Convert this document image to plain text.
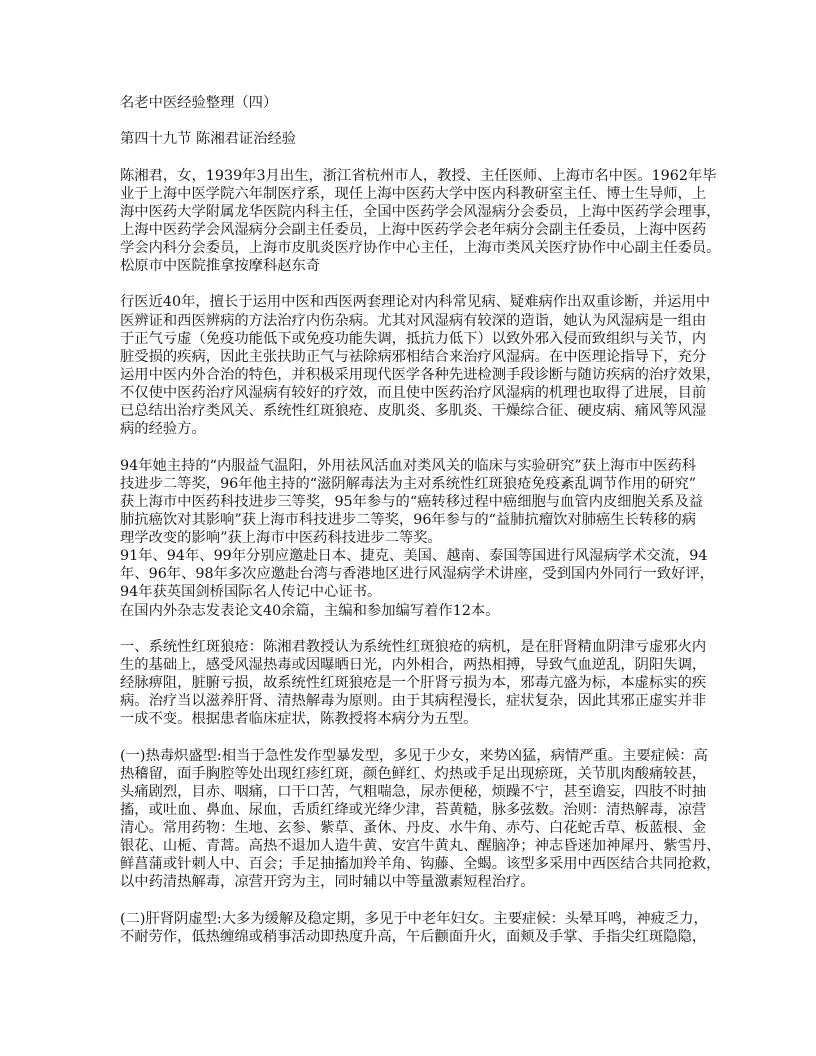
名老中医经验整理（四）
第四十九节 陈湘君证治经验
陈湘君，女，1939年3月出生，浙江省杭州市人，教授、主任医师、上海市名中医。1962年毕
业于上海中医学院六年制医疗系，现任上海中医药大学中医内科教研室主任、博士生导师，上
海中医药大学附属龙华医院内科主任，全国中医药学会风湿病分会委员，上海中医药学会理事，
上海中医药学会风湿病分会副主任委员，上海中医药学会老年病分会副主任委员，上海中医药
学会内科分会委员，上海市皮肌炎医疗协作中心主任，上海市类风关医疗协作中心副主任委员。
松原市中医院推拿按摩科赵东奇
行医近40年，擅长于运用中医和西医两套理论对内科常见病、疑难病作出双重诊断，并运用中
医辨证和西医辨病的方法治疗内伤杂病。尤其对风湿病有较深的造诣，她认为风湿病是一组由
于正气亏虚（免疫功能低下或免疫功能失调，抵抗力低下）以致外邪入侵而致组织与关节，内
脏受损的疾病，因此主张扶助正气与祛除病邪相结合来治疗风湿病。在中医理论指导下，充分
运用中医内外合治的特色，并积极采用现代医学各种先进检测手段诊断与随访疾病的治疗效果，
不仅使中医药治疗风湿病有较好的疗效，而且使中医药治疗风湿病的机理也取得了进展，目前
已总结出治疗类风关、系统性红斑狼疮、皮肌炎、多肌炎、干燥综合征、硬皮病、痛风等风湿
病的经验方。
94年她主持的“内服益气温阳，外用祛风活血对类风关的临床与实验研究”获上海市中医药科
技进步二等奖，96年他主持的“滋阴解毒法为主对系统性红斑狼疮免疫紊乱调节作用的研究”
获上海市中医药科技进步三等奖，95年参与的“癌转移过程中癌细胞与血管内皮细胞关系及益
肺抗癌饮对其影响”获上海市科技进步二等奖，96年参与的“益肺抗瘤饮对肺癌生长转移的病
理学改变的影响”获上海市中医药科技进步二等奖。
91年、94年、99年分别应邀赴日本、捷克、美国、越南、泰国等国进行风湿病学术交流，94
年、96年、98年多次应邀赴台湾与香港地区进行风湿病学术讲座，受到国内外同行一致好评，
94年获英国剑桥国际名人传记中心证书。
在国内外杂志发表论文40余篇，主编和参加编写着作12本。
一、系统性红斑狼疮：陈湘君教授认为系统性红斑狼疮的病机，是在肝肾精血阴津亏虚邪火内
生的基础上，感受风湿热毒或因曝晒日光，内外相合，两热相搏，导致气血逆乱，阴阳失调，
经脉痹阻，脏腑亏损，故系统性红斑狼疮是一个肝肾亏损为本，邪毒亢盛为标，本虚标实的疾
病。治疗当以滋养肝肾、清热解毒为原则。由于其病程漫长，症状复杂，因此其邪正虚实并非
一成不变。根据患者临床症状，陈教授将本病分为五型。
(一)热毒炽盛型:相当于急性发作型暴发型，多见于少女，来势凶猛，病情严重。主要症候：高
热稽留，面手胸腔等处出现红疹红斑，颜色鲜红、灼热或手足出现瘀斑，关节肌肉酸痛较甚，
头痛剧烈，目赤、咽痛，口干口苦，气粗喘急，尿赤便秘，烦躁不宁，甚至谵妄，四肢不时抽
搐，或吐血、鼻血、尿血，舌质红绛或光绛少津，苔黄糙，脉多弦数。治则：清热解毒，凉营
清心。常用药物：生地、玄参、紫草、蚤休、丹皮、水牛角、赤芍、白花蛇舌草、板蓝根、金
银花、山栀、青蒿。高热不退加人造牛黄、安宫牛黄丸、醒脑净；神志昏迷加神犀丹、紫雪丹、
鲜菖蒲或针刺人中、百会；手足抽搐加羚羊角、钩藤、全蝎。该型多采用中西医结合共同抢救，
以中药清热解毒，凉营开窍为主，同时辅以中等量激素短程治疗。
(二)肝肾阴虚型:大多为缓解及稳定期，多见于中老年妇女。主要症候：头晕耳鸣，神疲乏力，
不耐劳作，低热缠绵或稍事活动即热度升高，午后颧面升火，面颊及手掌、手指尖红斑隐隐，
